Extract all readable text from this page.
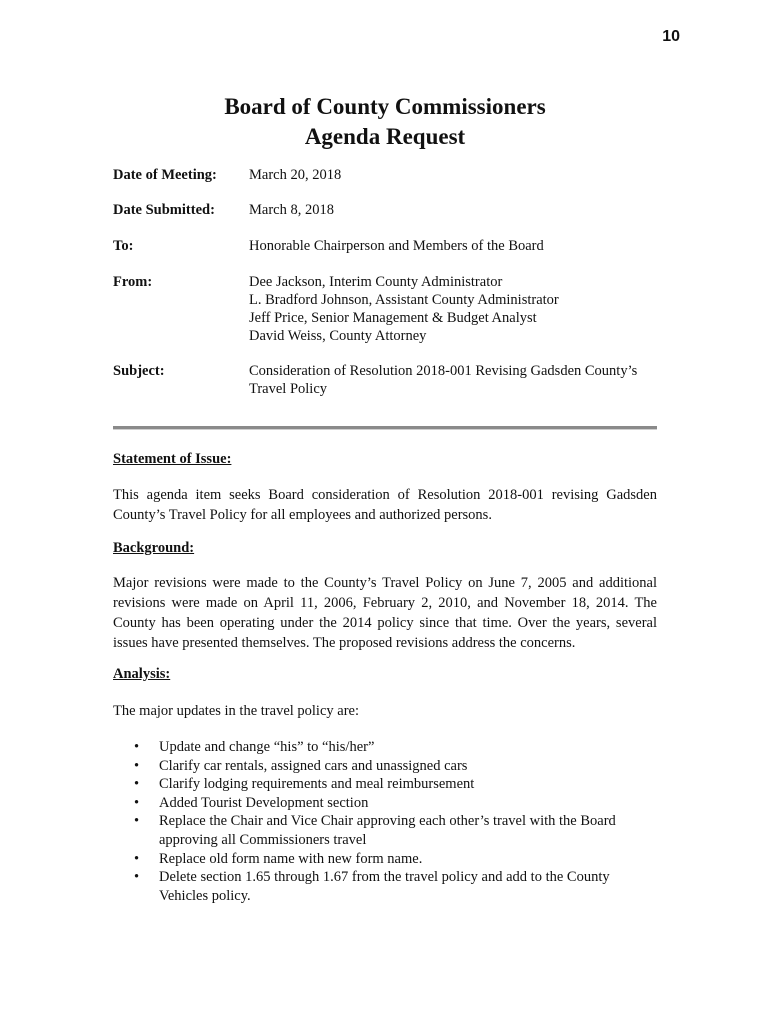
10
Board of County Commissioners
Agenda Request
Date of Meeting:	March 20, 2018
Date Submitted:	March 8, 2018
To:	Honorable Chairperson and Members of the Board
From:	Dee Jackson, Interim County Administrator
L. Bradford Johnson, Assistant County Administrator
Jeff Price, Senior Management & Budget Analyst
David Weiss, County Attorney
Subject:	Consideration of Resolution 2018-001 Revising Gadsden County’s
Travel Policy
Statement of Issue:
This agenda item seeks Board consideration of Resolution 2018-001 revising Gadsden County’s Travel Policy for all employees and authorized persons.
Background:
Major revisions were made to the County’s Travel Policy on June 7, 2005 and additional revisions were made on April 11, 2006, February 2, 2010, and November 18, 2014. The County has been operating under the 2014 policy since that time. Over the years, several issues have presented themselves. The proposed revisions address the concerns.
Analysis:
The major updates in the travel policy are:
• Update and change “his” to “his/her”
• Clarify car rentals, assigned cars and unassigned cars
• Clarify lodging requirements and meal reimbursement
• Added Tourist Development section
• Replace the Chair and Vice Chair approving each other’s travel with the Board approving all Commissioners travel
• Replace old form name with new form name.
• Delete section 1.65 through 1.67 from the travel policy and add to the County Vehicles policy.
